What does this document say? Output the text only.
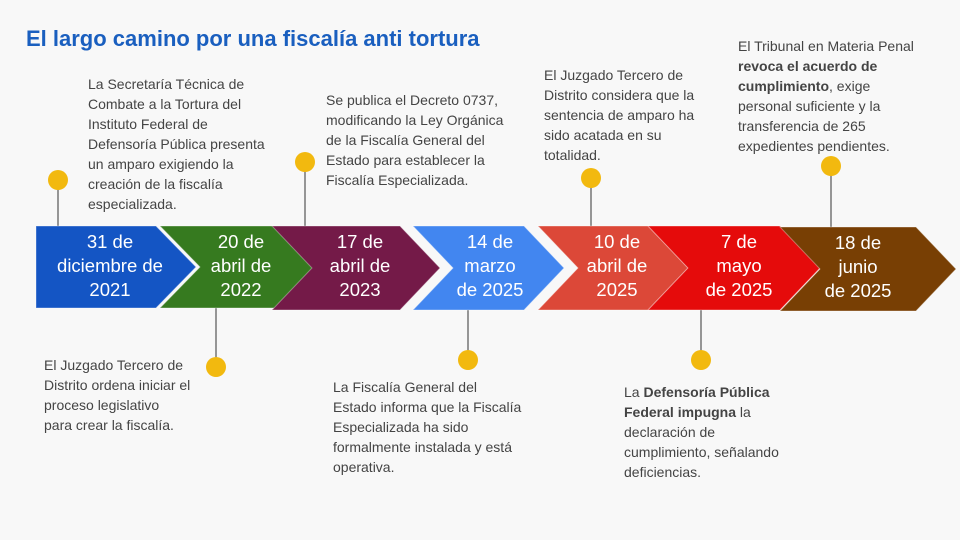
El largo camino por una fiscalía anti tortura
31 de
diciembre de
2021
20 de
abril de
2022
17 de
abril de
2023
14 de
marzo
de 2025
10 de
abril de
2025
7 de
mayo
de 2025
18 de
junio
de 2025
La Secretaría Técnica de
Combate a la Tortura del
Instituto Federal de
Defensoría Pública presenta
un amparo exigiendo la
creación de la fiscalía
especializada.
El Juzgado Tercero de
Distrito ordena iniciar el
proceso legislativo
para crear la fiscalía.
Se publica el Decreto 0737,
modificando la Ley Orgánica
de la Fiscalía General del
Estado para establecer la
Fiscalía Especializada.
La Fiscalía General del
Estado informa que la Fiscalía
Especializada ha sido
formalmente instalada y está
operativa.
El Juzgado Tercero de
Distrito considera que la
sentencia de amparo ha
sido acatada en su
totalidad.
La Defensoría Pública
Federal impugna la
declaración de
cumplimiento, señalando
deficiencias.
El Tribunal en Materia Penal
revoca el acuerdo de
cumplimiento, exige
personal suficiente y la
transferencia de 265
expedientes pendientes.
